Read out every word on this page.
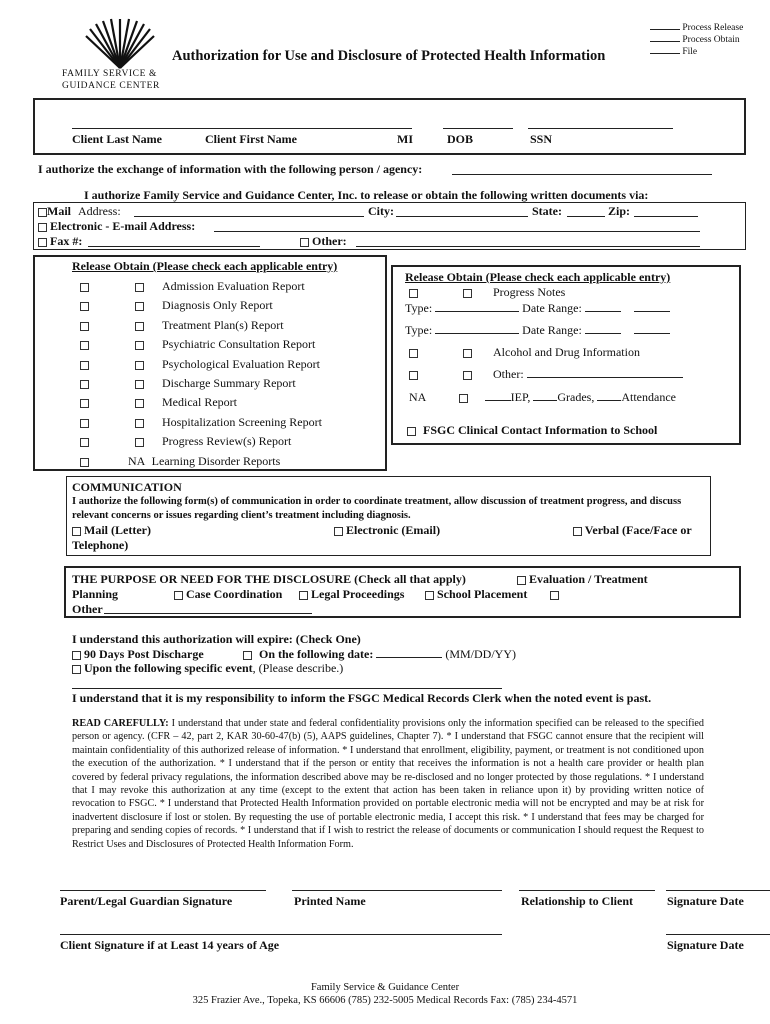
FAMILY SERVICE &
GUIDANCE CENTER
Authorization for Use and Disclosure of Protected Health Information
Process Release
Process Obtain
File
Client Last Name	Client First Name	MI	DOB	SSN
I authorize the exchange of information with the following person / agency:
I authorize Family Service and Guidance Center, Inc. to release or obtain the following written documents via:
Mail Address:	City:	State:	Zip:
Electronic - E-mail Address:
Fax #:	Other:
Release Obtain (Please check each applicable entry)
Admission Evaluation Report
Diagnosis Only Report
Treatment Plan(s) Report
Psychiatric Consultation Report
Psychological Evaluation Report
Discharge Summary Report
Medical Report
Hospitalization Screening Report
Progress Review(s) Report
NA Learning Disorder Reports
Release Obtain (Please check each applicable entry)
Progress Notes
Type:	Date Range:
Type:	Date Range:
Alcohol and Drug Information
Other:
NA	IEP, Grades, Attendance
FSGC Clinical Contact Information to School
COMMUNICATION
I authorize the following form(s) of communication in order to coordinate treatment, allow discussion of treatment progress, and discuss relevant concerns or issues regarding client’s treatment including diagnosis.
Mail (Letter)	Electronic (Email)	Verbal (Face/Face or
Telephone)
THE PURPOSE OR NEED FOR THE DISCLOSURE (Check all that apply)	Evaluation / Treatment
Planning	Case Coordination	Legal Proceedings	School Placement
Other
I understand this authorization will expire: (Check One)
90 Days Post Discharge	On the following date:	(MM/DD/YY)
Upon the following specific event, (Please describe.)
I understand that it is my responsibility to inform the FSGC Medical Records Clerk when the noted event is past.
READ CAREFULLY: I understand that under state and federal confidentiality provisions only the information specified can be released to the specified person or agency. (CFR – 42, part 2, KAR 30-60-47(b) (5), AAPS guidelines, Chapter 7). * I understand that FSGC cannot ensure that the recipient will maintain confidentiality of this authorized release of information. * I understand that enrollment, eligibility, payment, or treatment is not conditioned upon the execution of the authorization. * I understand that if the person or entity that receives the information is not a health care provider or health plan covered by federal privacy regulations, the information described above may be re-disclosed and no longer protected by those regulations. * I understand that I may revoke this authorization at any time (except to the extent that action has been taken in reliance upon it) by providing written notice of revocation to FSGC. * I understand that Protected Health Information provided on portable electronic media will not be encrypted and may be at risk for inadvertent disclosure if lost or stolen. By requesting the use of portable electronic media, I accept this risk. * I understand that fees may be charged for preparing and sending copies of records. * I understand that if I wish to restrict the release of documents or communication I should request the Request to Restrict Uses and Disclosures of Protected Health Information Form.
Parent/Legal Guardian Signature	Printed Name	Relationship to Client	Signature Date
Client Signature if at Least 14 years of Age	Signature Date
Family Service & Guidance Center
325 Frazier Ave., Topeka, KS 66606 (785) 232-5005 Medical Records Fax: (785) 234-4571
